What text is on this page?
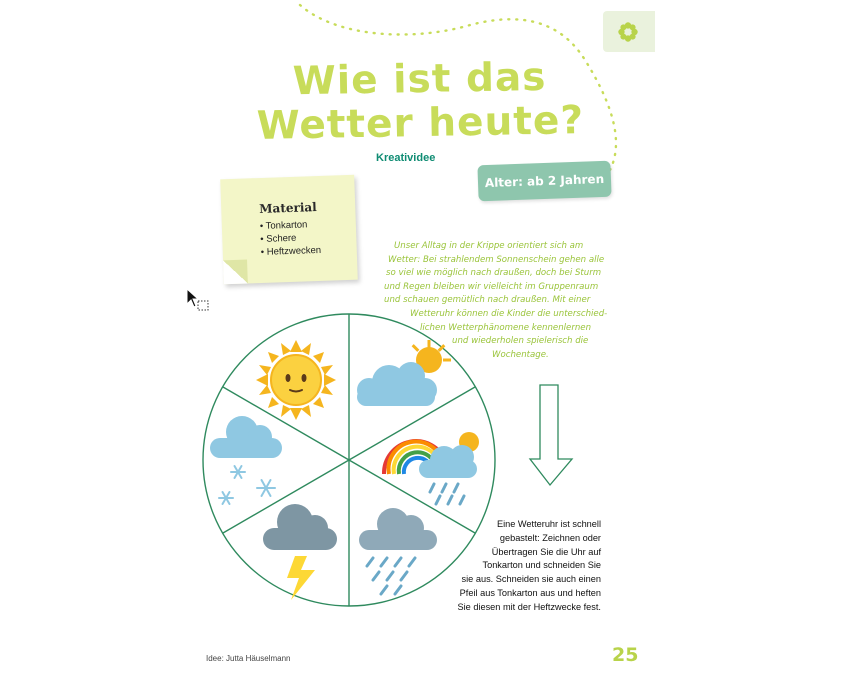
Wie ist das
Wetter heute?
Kreatividee
Alter: ab 2 Jahren
Material
• Tonkarton
• Schere
• Heftzwecken	Unser Alltag in der Krippe orientiert sich am
Wetter: Bei strahlendem Sonnenschein gehen alle
so viel wie möglich nach draußen, doch bei Sturm
und Regen bleiben wir vielleicht im Gruppenraum
und schauen gemütlich nach draußen. Mit einer
Wetteruhr können die Kinder die unterschied-
lichen Wetterphänomene kennenlernen
und wiederholen spielerisch die
Wochentage.
Eine Wetteruhr ist schnell
gebastelt: Zeichnen oder
Übertragen Sie die Uhr auf
Tonkarton und schneiden Sie
sie aus. Schneiden sie auch einen
Pfeil aus Tonkarton aus und heften
Sie diesen mit der Heftzwecke fest.
Idee: Jutta Häuselmann	25
